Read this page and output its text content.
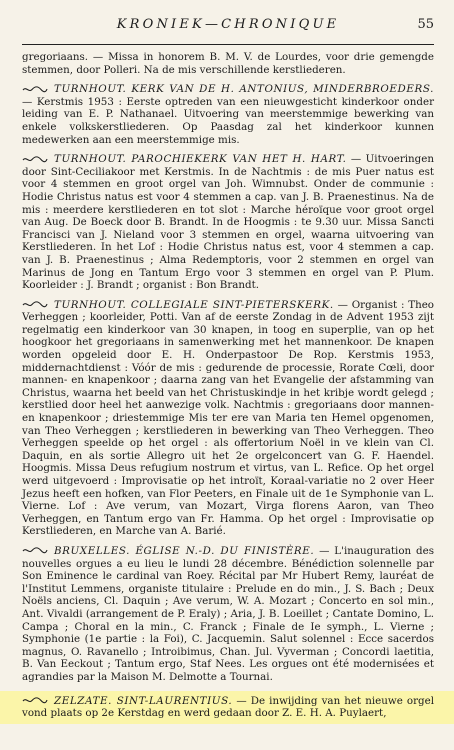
KRONIEK—CHRONIQUE	55

gregoriaans. — Missa in honorem B. M. V. de Lourdes, voor drie gemengde stemmen, door Polleri. Na de mis verschillende kerstliederen.

TURNHOUT. KERK VAN DE H. ANTONIUS, MINDERBROEDERS. — Kerstmis 1953 : Eerste optreden van een nieuwgesticht kinderkoor onder leiding van E. P. Nathanael. Uitvoering van meerstemmige bewerking van enkele volkskerstliederen. Op Paasdag zal het kinderkoor kunnen medewerken aan een meerstemmige mis.

TURNHOUT. PAROCHIEKERK VAN HET H. HART. — Uitvoeringen door Sint-Ceciliakoor met Kerstmis. In de Nachtmis : de mis Puer natus est voor 4 stemmen en groot orgel van Joh. Wimnubst. Onder de communie : Hodie Christus natus est voor 4 stemmen a cap. van J. B. Praenestinus. Na de mis : meerdere kerstliederen en tot slot : Marche héroïque voor groot orgel van Aug. De Boeck door B. Brandt. In de Hoogmis : te 9.30 uur. Missa Sancti Francisci van J. Nieland voor 3 stemmen en orgel, waarna uitvoering van Kerstliederen. In het Lof : Hodie Christus natus est, voor 4 stemmen a cap. van J. B. Praenestinus ; Alma Redemptoris, voor 2 stemmen en orgel van Marinus de Jong en Tantum Ergo voor 3 stemmen en orgel van P. Plum. Koorleider : J. Brandt ; organist : Bon Brandt.

TURNHOUT. COLLEGIALE SINT-PIETERSKERK. — Organist : Theo Verheggen ; koorleider, Potti. Van af de eerste Zondag in de Advent 1953 zijt regelmatig een kinderkoor van 30 knapen, in toog en superplie, van op het hoogkoor het gregoriaans in samenwerking met het mannenkoor. De knapen worden opgeleid door E. H. Onderpastoor De Rop. Kerstmis 1953, middernachtdienst : Vóór de mis : gedurende de processie, Rorate Cœli, door mannen- en knapenkoor ; daarna zang van het Evangelie der afstamming van Christus, waarna het beeld van het Christuskindje in het kribje wordt gelegd ; kerstlied door heel het aanwezige volk. Nachtmis : gregoriaans door mannen- en knapenkoor ; driestemmige Mis ter ere van Maria ten Hemel opgenomen, van Theo Verheggen ; kerstliederen in bewerking van Theo Verheggen. Theo Verheggen speelde op het orgel : als offertorium Noël in ve klein van Cl. Daquin, en als sortie Allegro uit het 2e orgelconcert van G. F. Haendel. Hoogmis. Missa Deus refugium nostrum et virtus, van L. Refice. Op het orgel werd uitgevoerd : Improvisatie op het introït, Koraal-variatie no 2 over Heer Jezus heeft een hofken, van Flor Peeters, en Finale uit de 1e Symphonie van L. Vierne. Lof : Ave verum, van Mozart, Virga florens Aaron, van Theo Verheggen, en Tantum ergo van Fr. Hamma. Op het orgel : Improvisatie op Kerstliederen, en Marche van A. Barié.

BRUXELLES. ÉGLISE N.-D. DU FINISTÈRE. — L'inauguration des nouvelles orgues a eu lieu le lundi 28 décembre. Bénédiction solennelle par Son Eminence le cardinal van Roey. Récital par Mr Hubert Remy, lauréat de l'Institut Lemmens, organiste titulaire : Prelude en do min., J. S. Bach ; Deux Noëls anciens, Cl. Daquin ; Ave verum, W. A. Mozart ; Concerto en sol min., Ant. Vivaldi (arrangement de P. Eraly) ; Aria, J. B. Loeillet ; Cantate Domino, L. Campa ; Choral en la min., C. Franck ; Finale de Ie symph., L. Vierne ; Symphonie (1e partie : la Foi), C. Jacquemin. Salut solennel : Ecce sacerdos magnus, O. Ravanello ; Introibimus, Chan. Jul. Vyverman ; Concordi laetitia, B. Van Eeckout ; Tantum ergo, Staf Nees. Les orgues ont été modernisées et agrandies par la Maison M. Delmotte a Tournai.

ZELZATE. SINT-LAURENTIUS. — De inwijding van het nieuwe orgel vond plaats op 2e Kerstdag en werd gedaan door Z. E. H. A. Puylaert,
